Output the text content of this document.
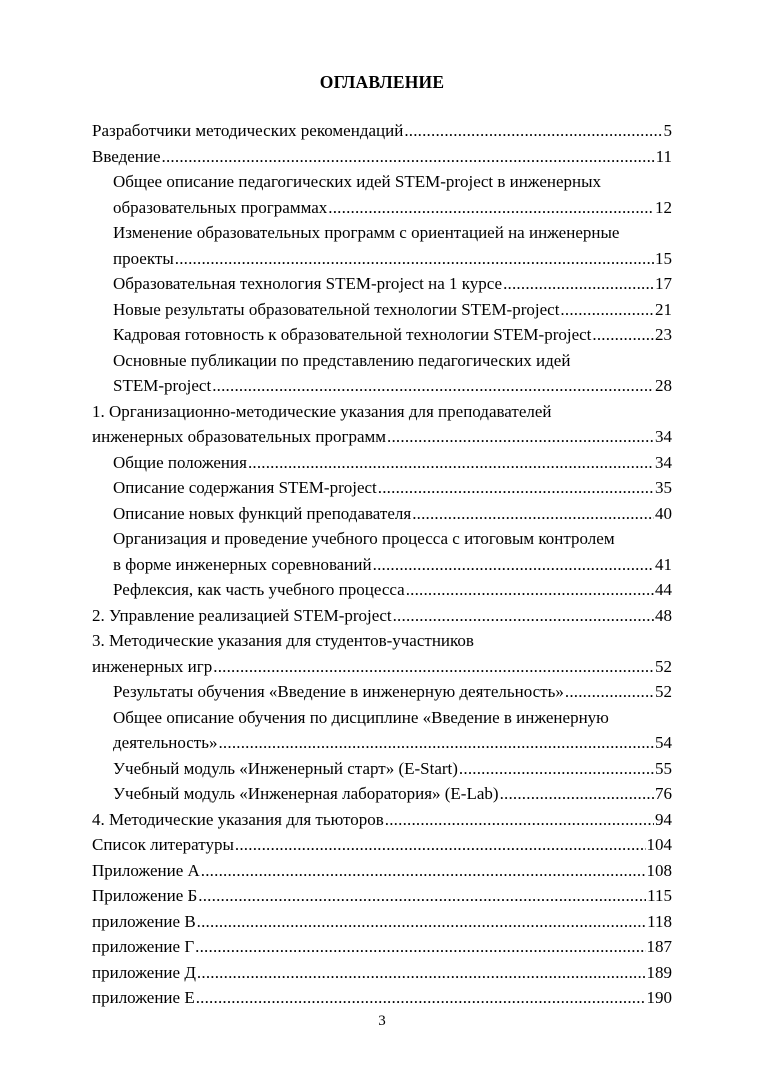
ОГЛАВЛЕНИЕ
Разработчики методических рекомендаций .....	5
Введение .....	11
Общее описание педагогических идей STEM-project в инженерных
образовательных программах .....	12
Изменение образовательных программ с ориентацией на инженерные
проекты .....	15
Образовательная технология STEM-project на 1 курсе .....	17
Новые результаты образовательной технологии STEM-project .....	21
Кадровая готовность к образовательной технологии STEM-project .....	23
Основные публикации по представлению педагогических идей
STEM-project .....	28
1. Организационно-методические указания для преподавателей
инженерных образовательных программ .....	34
Общие положения .....	34
Описание содержания STEM-project .....	35
Описание новых функций преподавателя .....	40
Организация и проведение учебного процесса с итоговым контролем
в форме инженерных соревнований .....	41
Рефлексия, как часть учебного процесса .....	44
2. Управление реализацией STEM-project .....	48
3. Методические указания для студентов-участников
инженерных игр .....	52
Результаты обучения «Введение в инженерную деятельность» .....	52
Общее описание обучения по дисциплине «Введение в инженерную
деятельность» .....	54
Учебный модуль «Инженерный старт» (E-Start) .....	55
Учебный модуль «Инженерная лаборатория» (E-Lab) .....	76
4. Методические указания для тьюторов .....	94
Список литературы .....	104
Приложение А .....	108
Приложение Б .....	115
приложение В .....	118
приложение Г .....	187
приложение Д .....	189
приложение Е .....	190
3
